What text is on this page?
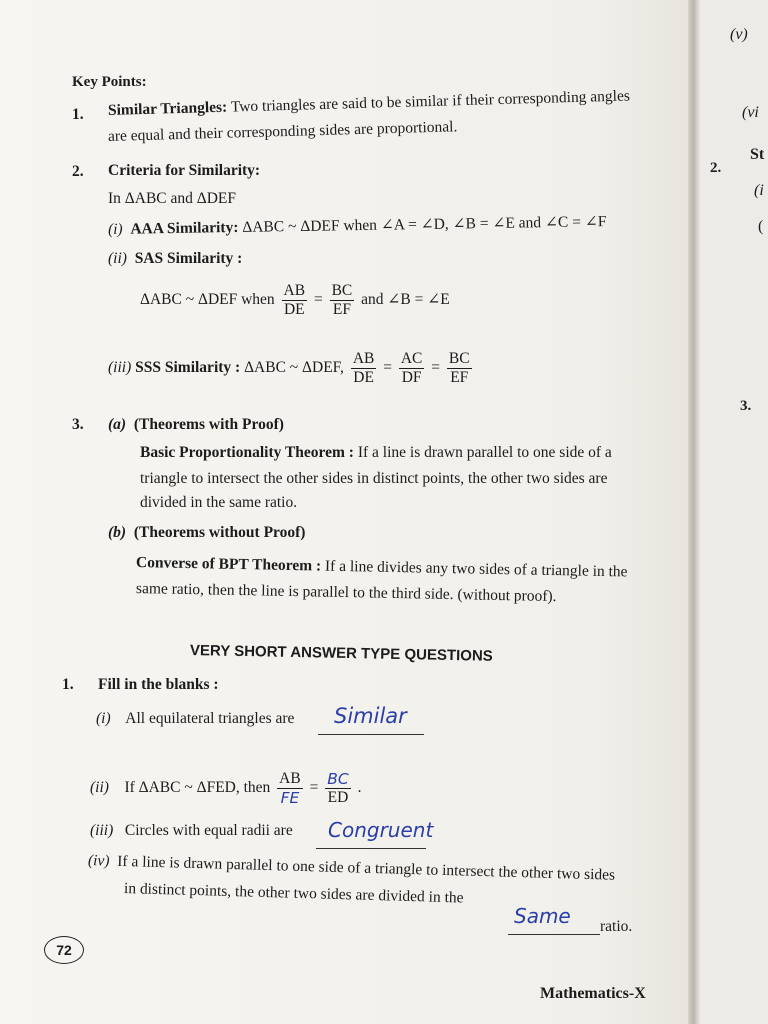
Key Points:
1. Similar Triangles: Two triangles are said to be similar if their corresponding angles
are equal and their corresponding sides are proportional.
2. Criteria for Similarity:
In ΔABC and ΔDEF
(i) AAA Similarity: ΔABC ~ ΔDEF when ∠A = ∠D, ∠B = ∠E and ∠C = ∠F
(ii) SAS Similarity :
ΔABC ~ ΔDEF when $\frac{AB}{DE} = \frac{BC}{EF}$ and ∠B = ∠E
(iii) SSS Similarity : ΔABC ~ ΔDEF, $\frac{AB}{DE} = \frac{AC}{DF} = \frac{BC}{EF}$
3. (a) (Theorems with Proof)
Basic Proportionality Theorem : If a line is drawn parallel to one side of a
triangle to intersect the other sides in distinct points, the other two sides are
divided in the same ratio.
(b) (Theorems without Proof)
Converse of BPT Theorem : If a line divides any two sides of a triangle in the
same ratio, then the line is parallel to the third side. (without proof).
VERY SHORT ANSWER TYPE QUESTIONS
1. Fill in the blanks :
(i) All equilateral triangles are Similar
(ii) If ΔABC ~ ΔFED, then $\frac{AB}{FE} = \frac{BC}{ED}$ .
(iii) Circles with equal radii are Congruent
(iv) If a line is drawn parallel to one side of a triangle to intersect the other two sides
in distinct points, the other two sides are divided in the
Same ratio.
72
Mathematics-X
(v)
(vi
2.
St
(i
(
3.
